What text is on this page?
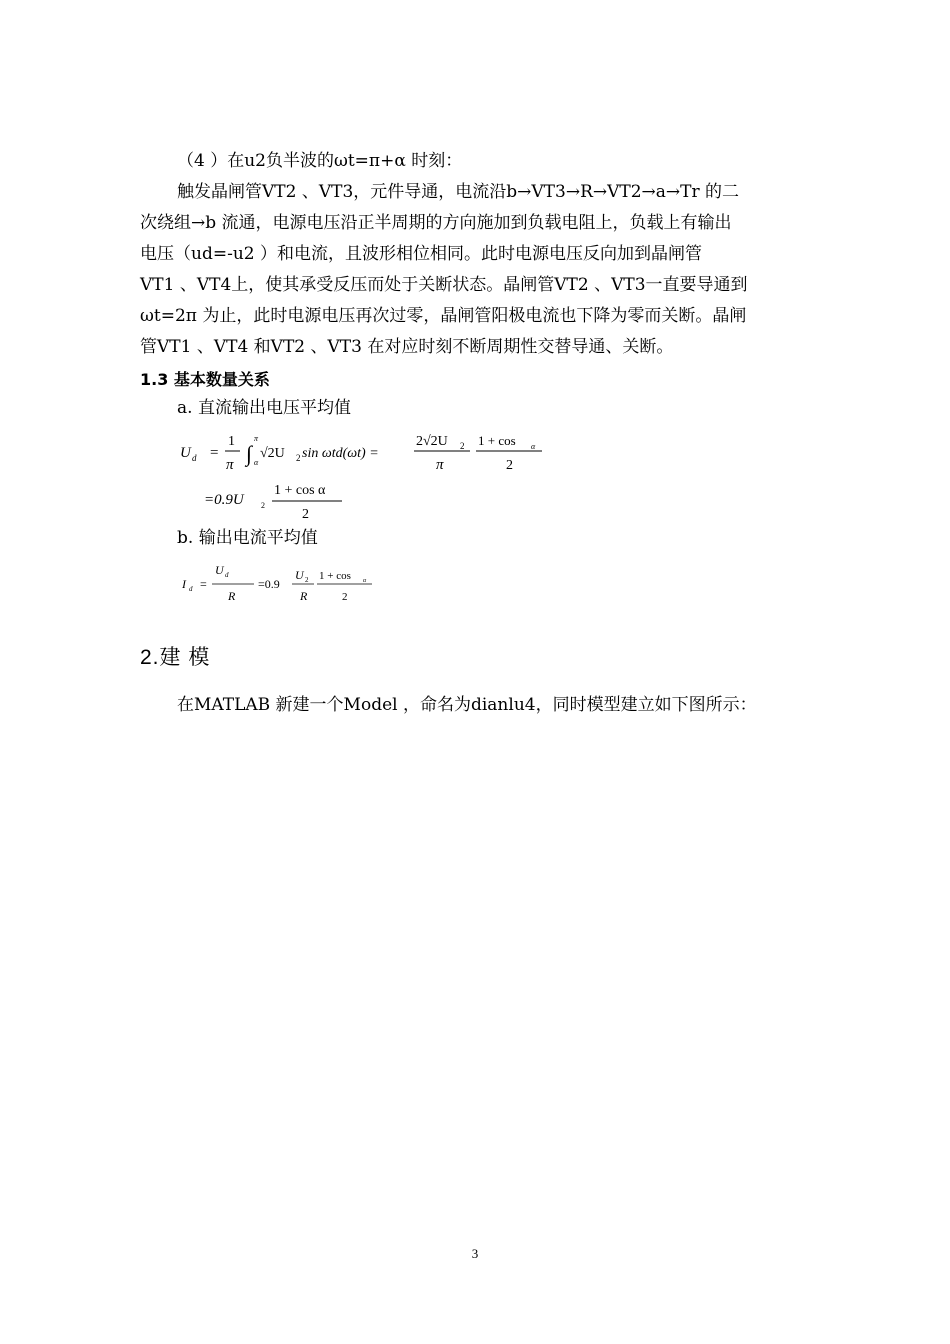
（4 ）在u2负半波的ωt=π+α 时刻：
触发晶闸管VT2 、VT3，元件导通，电流沿b→VT3→R→VT2→a→Tr 的二
次绕组→b 流通，电源电压沿正半周期的方向施加到负载电阻上，负载上有输出
电压（ud=-u2 ）和电流，且波形相位相同。此时电源电压反向加到晶闸管
VT1 、VT4上，使其承受反压而处于关断状态。晶闸管VT2 、VT3一直要导通到
ωt=2π 为止，此时电源电压再次过零，晶闸管阳极电流也下降为零而关断。晶闸
管VT1 、VT4 和VT2 、VT3 在对应时刻不断周期性交替导通、关断。
1.3 基本数量关系
a. 直流输出电压平均值
U d =
1
π ∫
π
α
√2U 2 sin ωtd(ωt) =
2√2U 2
π
1 + cos α
2
=0.9U 2
1 + cos α
2
b. 输出电流平均值
I d =
U d
R
=0.9
U 2
R
1 + cos α
2
2.建 模
在MATLAB 新建一个Model ，命名为dianlu4，同时模型建立如下图所示：
3
